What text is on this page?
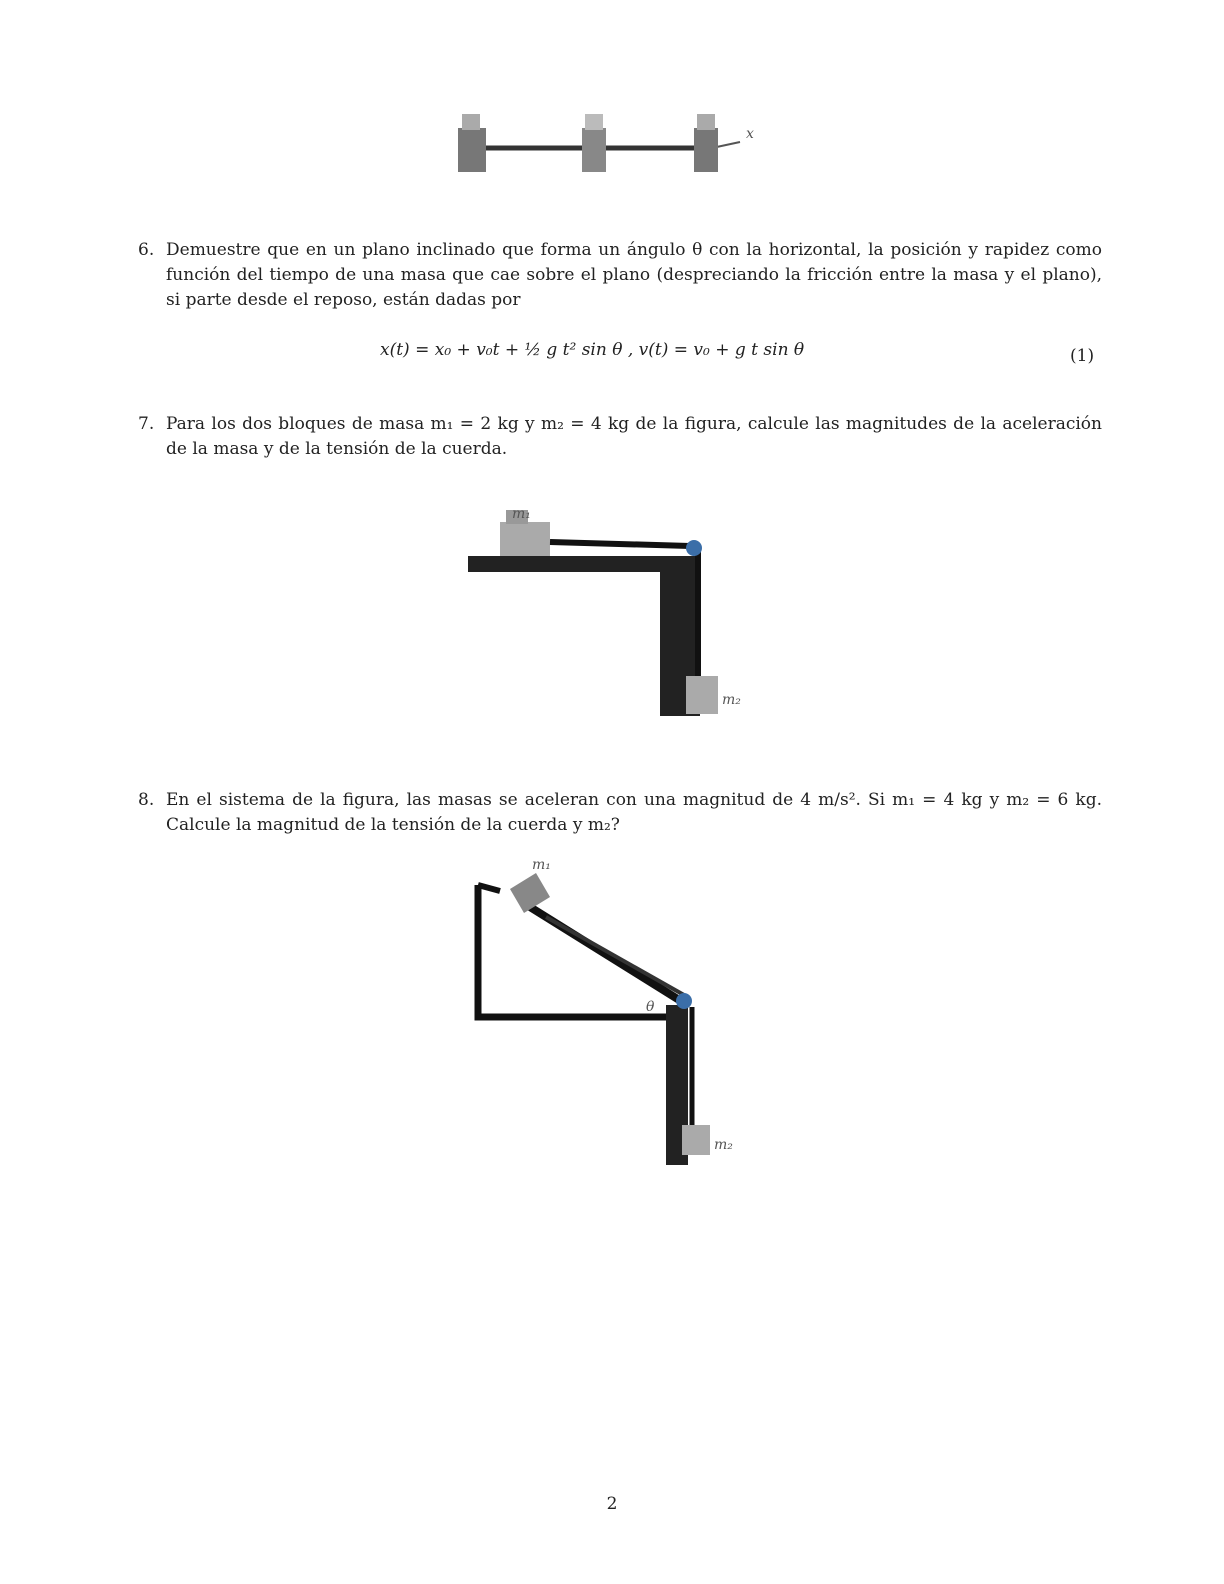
x
6. Demuestre que en un plano inclinado que forma un ángulo θ con la horizontal, la posición y rapidez como función del tiempo de una masa que cae sobre el plano (despreciando la fricción entre la masa y el plano), si parte desde el reposo, están dadas por
x(t) = x₀ + v₀t + ½ g t² sin θ , v(t) = v₀ + g t sin θ	(1)
7. Para los dos bloques de masa m₁ = 2 kg y m₂ = 4 kg de la figura, calcule las magnitudes de la aceleración de la masa y de la tensión de la cuerda.
m₁
m₂
8. En el sistema de la figura, las masas se aceleran con una magnitud de 4 m/s². Si m₁ = 4 kg y m₂ = 6 kg. Calcule la magnitud de la tensión de la cuerda y m₂?
m₁
m₂
θ
2
